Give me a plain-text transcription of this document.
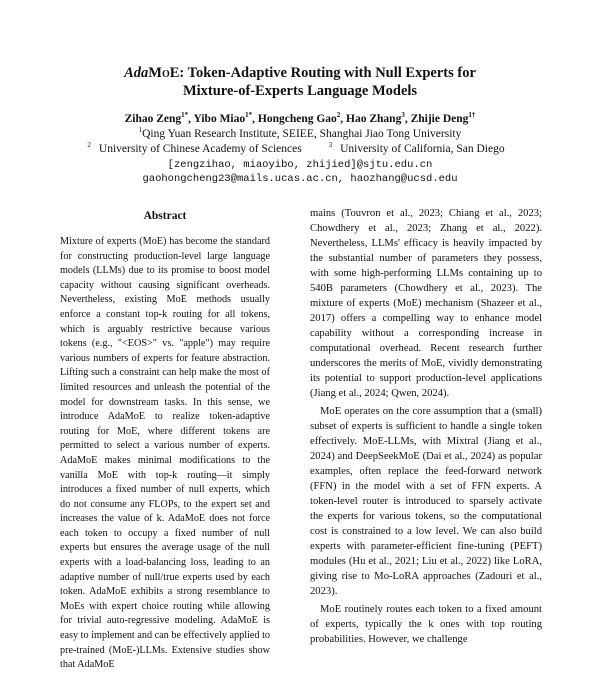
AdaMoE: Token-Adaptive Routing with Null Experts for
Mixture-of-Experts Language Models
Zihao Zeng$^{1*}$, Yibo Miao$^{1*}$, Hongcheng Gao$^2$, Hao Zhang$^3$, Zhijie Deng$^{1\dagger}$
$^1$Qing Yuan Research Institute, SEIEE, Shanghai Jiao Tong University
$^2$ University of Chinese Academy of Sciences	$^3$ University of California, San Diego
[zengzihao, miaoyibo, zhijied]@sjtu.edu.cn
gaohongcheng23@mails.ucas.ac.cn, haozhang@ucsd.edu
Abstract

Mixture of experts (MoE) has become the standard for constructing production-level large language models (LLMs) due to its promise to boost model capacity without causing significant overheads. Nevertheless, existing MoE methods usually enforce a constant top-k routing for all tokens, which is arguably restrictive because various tokens (e.g., "<EOS>" vs. "apple") may require various numbers of experts for feature abstraction. Lifting such a constraint can help make the most of limited resources and unleash the potential of the model for downstream tasks. In this sense, we introduce AdaMoE to realize token-adaptive routing for MoE, where different tokens are permitted to select a various number of experts. AdaMoE makes minimal modifications to the vanilla MoE with top-k routing—it simply introduces a fixed number of null experts, which do not consume any FLOPs, to the expert set and increases the value of k. AdaMoE does not force each token to occupy a fixed number of null experts but ensures the average usage of the null experts with a load-balancing loss, leading to an adaptive number of null/true experts used by each token. AdaMoE exhibits a strong resemblance to MoEs with expert choice routing while allowing for trivial auto-regressive modeling. AdaMoE is easy to implement and can be effectively applied to pre-trained (MoE-)LLMs. Extensive studies show that AdaMoE

mains (Touvron et al., 2023; Chiang et al., 2023; Chowdhery et al., 2023; Zhang et al., 2022). Nevertheless, LLMs' efficacy is heavily impacted by the substantial number of parameters they possess, with some high-performing LLMs containing up to 540B parameters (Chowdhery et al., 2023). The mixture of experts (MoE) mechanism (Shazeer et al., 2017) offers a compelling way to enhance model capability without a corresponding increase in computational overhead. Recent research further underscores the merits of MoE, vividly demonstrating its potential to support production-level applications (Jiang et al., 2024; Qwen, 2024).

MoE operates on the core assumption that a (small) subset of experts is sufficient to handle a single token effectively. MoE-LLMs, with Mixtral (Jiang et al., 2024) and DeepSeekMoE (Dai et al., 2024) as popular examples, often replace the feed-forward network (FFN) in the model with a set of FFN experts. A token-level router is introduced to sparsely activate the experts for various tokens, so the computational cost is constrained to a low level. We can also build experts with parameter-efficient fine-tuning (PEFT) modules (Hu et al., 2021; Liu et al., 2022) like LoRA, giving rise to Mo-LoRA approaches (Zadouri et al., 2023).

MoE routinely routes each token to a fixed amount of experts, typically the k ones with top routing probabilities. However, we challenge
